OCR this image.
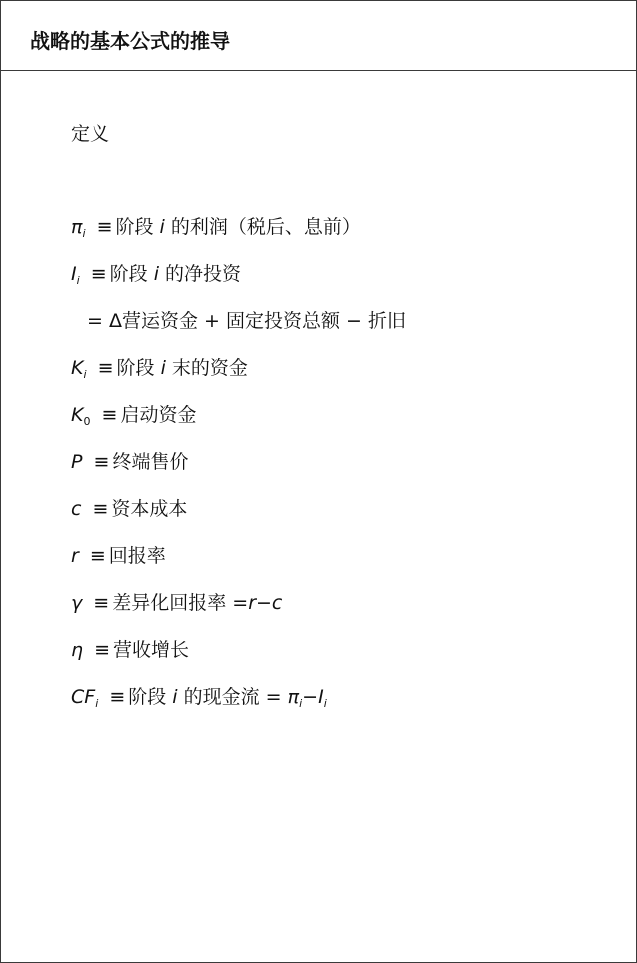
战略的基本公式的推导
定义
$\pi_i$ ≡ 阶段 i 的利润（税后、息前）
$I_i$ ≡ 阶段 i 的净投资
= Δ营运资金 + 固定投资总额 − 折旧
$K_i$ ≡ 阶段 i 末的资金
$K_0$ ≡ 启动资金
P ≡ 终端售价
c ≡ 资本成本
r ≡ 回报率
γ ≡ 差异化回报率 =r−c
η ≡ 营收增长
$CF_i$ ≡ 阶段 i 的现金流 = $\pi_i-I_i$
